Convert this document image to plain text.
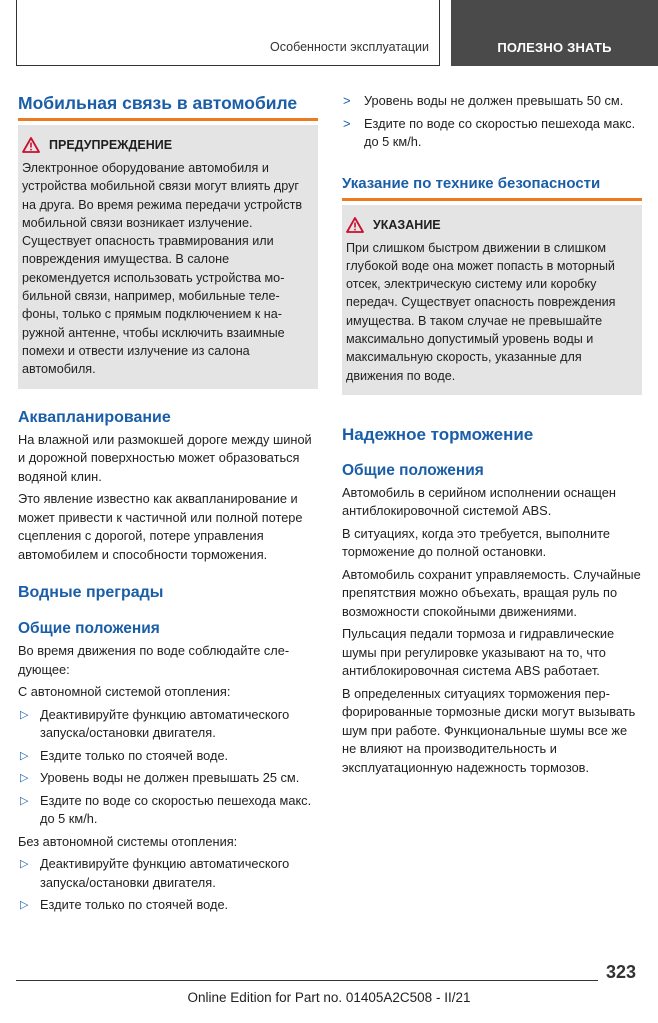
Особенности эксплуатации	ПОЛЕЗНО ЗНАТЬ
Мобильная связь в автомобиле
ПРЕДУПРЕЖДЕНИЕ

Электронное оборудование автомобиля и устройства мобильной связи могут влиять друг на друга. Во время режима передачи устройств мобильной связи возникает излучение. Существует опасность травмирования или повреждения имущества. В салоне рекомендуется использовать устройства мобильной связи, например, мобильные телефоны, только с прямым подключением к наружной антенне, чтобы исключить взаимные помехи и отвести излучение из салона автомобиля.

Аквапланирование

На влажной или размокшей дороге между шиной и дорожной поверхностью может образоваться водяной клин.

Это явление известно как аквапланирование и может привести к частичной или полной потере сцепления с дорогой, потере управления автомобилем и способности торможения.

Водные преграды
Общие положения

Во время движения по воде соблюдайте следующее:

С автономной системой отопления:

▷ Деактивируйте функцию автоматического запуска/остановки двигателя.
▷ Ездите только по стоячей воде.
▷ Уровень воды не должен превышать 25 см.
▷ Ездите по воде со скоростью пешехода макс. до 5 км/h.

Без автономной системы отопления:

▷ Деактивируйте функцию автоматического запуска/остановки двигателя.
▷ Ездите только по стоячей воде.
> Уровень воды не должен превышать 50 см.
> Ездите по воде со скоростью пешехода макс. до 5 км/h.
Указание по технике безопасности
УКАЗАНИЕ

При слишком быстром движении в слишком глубокой воде она может попасть в моторный отсек, электрическую систему или коробку передач. Существует опасность повреждения имущества. В таком случае не превышайте максимально допустимый уровень воды и максимальную скорость, указанные для движения по воде.

Надежное торможение
Общие положения

Автомобиль в серийном исполнении оснащен антиблокировочной системой ABS.

В ситуациях, когда это требуется, выполните торможение до полной остановки.

Автомобиль сохранит управляемость. Случайные препятствия можно объехать, вращая руль по возможности спокойными движениями.

Пульсация педали тормоза и гидравлические шумы при регулировке указывают на то, что антиблокировочная система ABS работает.

В определенных ситуациях торможения перфорированные тормозные диски могут вызывать шум при работе. Функциональные шумы все же не влияют на производительность и эксплуатационную надежность тормозов.

323
Online Edition for Part no. 01405A2C508 - II/21
